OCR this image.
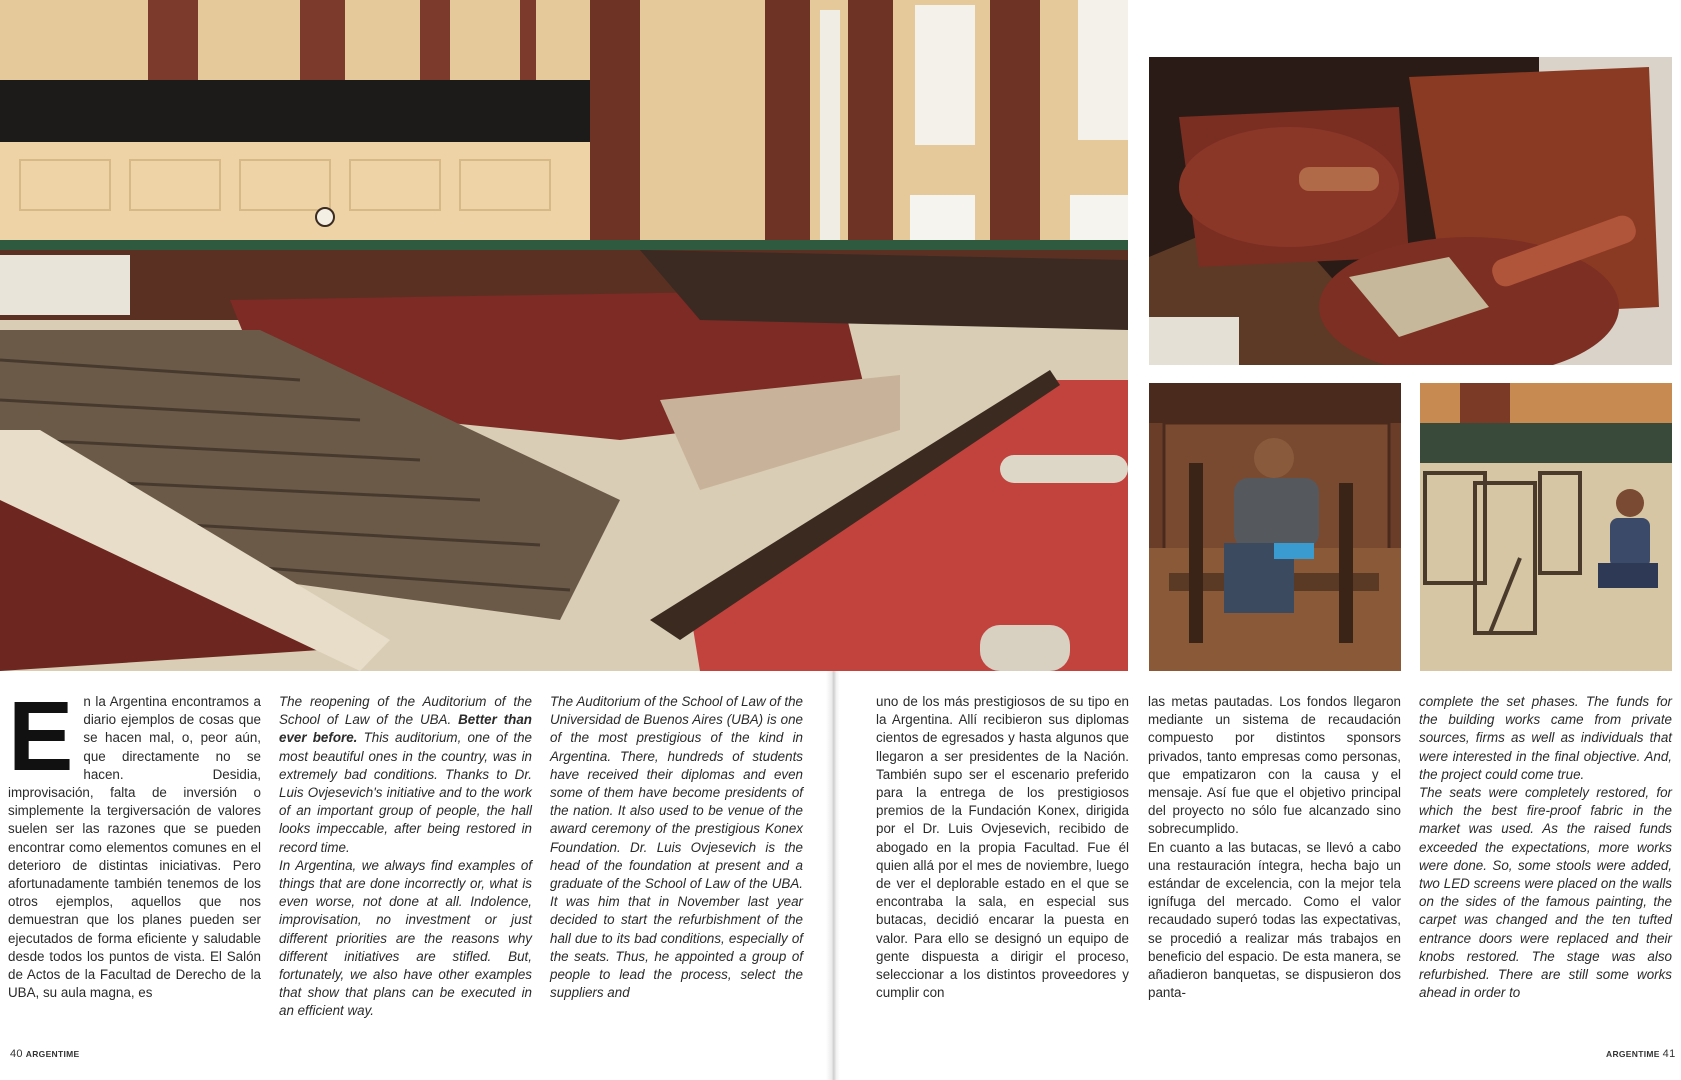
E n la Argentina encontramos a diario ejemplos de cosas que se hacen mal, o, peor aún, que directamente no se hacen. Desidia, improvisación, falta de inversión o simplemente la tergiversación de valores suelen ser las razones que se pueden encontrar como elementos comunes en el deterioro de distintas iniciativas. Pero afortunadamente también tenemos de los otros ejemplos, aquellos que nos demuestran que los planes pueden ser ejecutados de forma eficiente y saludable desde todos los puntos de vista. El Salón de Actos de la Facultad de Derecho de la UBA, su aula magna, es

The reopening of the Auditorium of the School of Law of the UBA. Better than ever before. This auditorium, one of the most beautiful ones in the country, was in extremely bad conditions. Thanks to Dr. Luis Ovjesevich's initiative and to the work of an important group of people, the hall looks impeccable, after being restored in record time.

In Argentina, we always find examples of things that are done incorrectly or, what is even worse, not done at all. Indolence, improvisation, no investment or just different priorities are the reasons why different initiatives are stifled. But, fortunately, we also have other examples that show that plans can be executed in an efficient way.

The Auditorium of the School of Law of the Universidad de Buenos Aires (UBA) is one of the most prestigious of the kind in Argentina. There, hundreds of students have received their diplomas and even some of them have become presidents of the nation. It also used to be venue of the award ceremony of the prestigious Konex Foundation. Dr. Luis Ovjesevich is the head of the foundation at present and a graduate of the School of Law of the UBA. It was him that in November last year decided to start the refurbishment of the hall due to its bad conditions, especially of the seats. Thus, he appointed a group of people to lead the process, select the suppliers and

uno de los más prestigiosos de su tipo en la Argentina. Allí recibieron sus diplomas cientos de egresados y hasta algunos que llegaron a ser presidentes de la Nación. También supo ser el escenario preferido para la entrega de los prestigiosos premios de la Fundación Konex, dirigida por el Dr. Luis Ovjesevich, recibido de abogado en la propia Facultad. Fue él quien allá por el mes de noviembre, luego de ver el deplorable estado en el que se encontraba la sala, en especial sus butacas, decidió encarar la puesta en valor. Para ello se designó un equipo de gente dispuesta a dirigir el proceso, seleccionar a los distintos proveedores y cumplir con

las metas pautadas. Los fondos llegaron mediante un sistema de recaudación compuesto por distintos sponsors privados, tanto empresas como personas, que empatizaron con la causa y el mensaje. Así fue que el objetivo principal del proyecto no sólo fue alcanzado sino sobrecumplido.

En cuanto a las butacas, se llevó a cabo una restauración íntegra, hecha bajo un estándar de excelencia, con la mejor tela ignífuga del mercado. Como el valor recaudado superó todas las expectativas, se procedió a realizar más trabajos en beneficio del espacio. De esta manera, se añadieron banquetas, se dispusieron dos panta-

complete the set phases. The funds for the building works came from private sources, firms as well as individuals that were interested in the final objective. And, the project could come true.

The seats were completely restored, for which the best fire-proof fabric in the market was used. As the raised funds exceeded the expectations, more works were done. So, some stools were added, two LED screens were placed on the walls on the sides of the famous painting, the carpet was changed and the ten tufted entrance doors were replaced and their knobs restored. The stage was also refurbished. There are still some works ahead in order to

40 ARGENTIME	ARGENTIME 41
